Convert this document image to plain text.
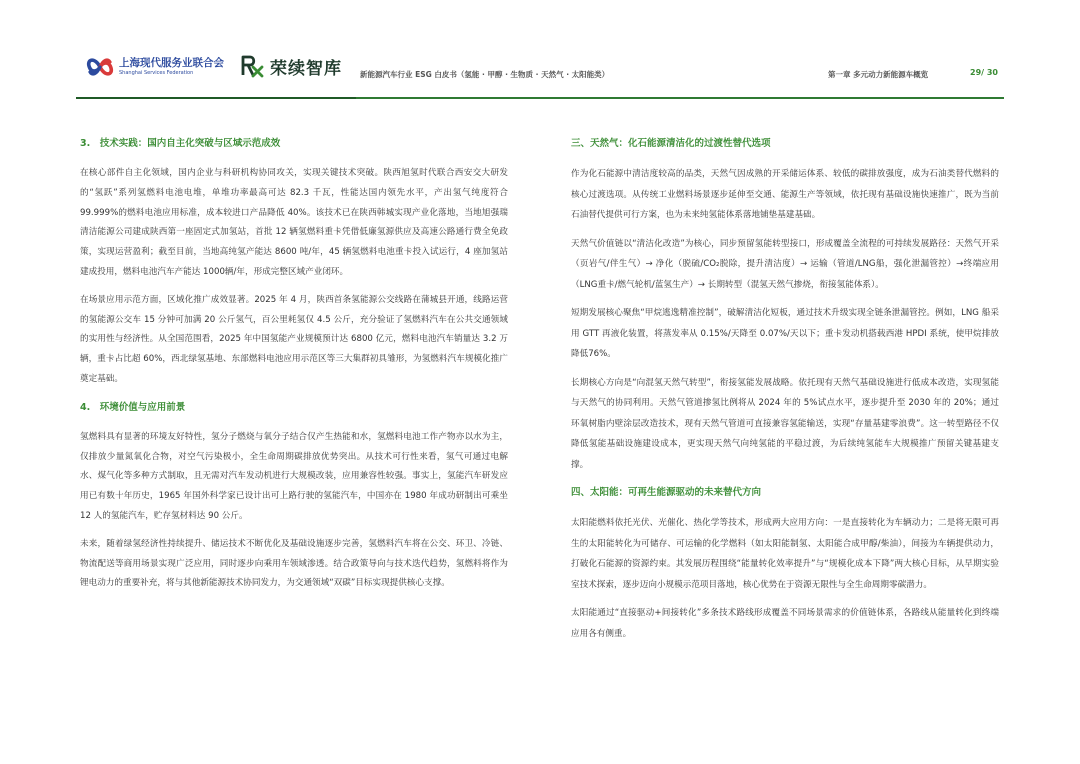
上海现代服务业联合会
Shanghai Services Federation	荣续智库 新能源汽车行业 ESG 白皮书（氢能 · 甲醇 · 生物质 · 天然气 · 太阳能类）	第一章 多元动力新能源车概览	29/ 30
3.　技术实践：国内自主化突破与区域示范成效

在核心部件自主化领域，国内企业与科研机构协同攻关，实现关键技术突破。陕西旭氢时代联合西安交大研发的“氢跃”系列氢燃料电池电堆，单堆功率最高可达 82.3 千瓦，性能达国内领先水平，产出氢气纯度符合 99.999%的燃料电池应用标准，成本较进口产品降低 40%。该技术已在陕西韩城实现产业化落地，当地旭强瑞清洁能源公司建成陕西第一座固定式加氢站，首批 12 辆氢燃料重卡凭借低廉氢源供应及高速公路通行费全免政策，实现运营盈利；截至目前，当地高纯氢产能达 8600 吨/年，45 辆氢燃料电池重卡投入试运行，4 座加氢站建成投用，燃料电池汽车产能达 1000辆/年，形成完整区域产业闭环。

在场景应用示范方面，区域化推广成效显著。2025 年 4 月，陕西首条氢能源公交线路在蒲城县开通，线路运营的氢能源公交车 15 分钟可加满 20 公斤氢气，百公里耗氢仅 4.5 公斤，充分验证了氢燃料汽车在公共交通领域的实用性与经济性。从全国范围看，2025 年中国氢能产业规模预计达 6800 亿元，燃料电池汽车销量达 3.2 万辆，重卡占比超 60%，西北绿氢基地、东部燃料电池应用示范区等三大集群初具雏形，为氢燃料汽车规模化推广奠定基础。

4.　环境价值与应用前景

氢燃料具有显著的环境友好特性，氢分子燃烧与氧分子结合仅产生热能和水，氢燃料电池工作产物亦以水为主，仅排放少量氮氧化合物，对空气污染极小，全生命周期碳排放优势突出。从技术可行性来看，氢气可通过电解水、煤气化等多种方式制取，且无需对汽车发动机进行大规模改装，应用兼容性较强。事实上，氢能汽车研发应用已有数十年历史，1965 年国外科学家已设计出可上路行驶的氢能汽车，中国亦在 1980 年成功研制出可乘坐 12 人的氢能汽车，贮存氢材料达 90 公斤。

未来，随着绿氢经济性持续提升、储运技术不断优化及基础设施逐步完善，氢燃料汽车将在公交、环卫、冷链、物流配送等商用场景实现广泛应用，同时逐步向乘用车领域渗透。结合政策导向与技术迭代趋势，氢燃料将作为锂电动力的重要补充，将与其他新能源技术协同发力，为交通领域“双碳”目标实现提供核心支撑。

三、天然气：化石能源清洁化的过渡性替代选项

作为化石能源中清洁度较高的品类，天然气因成熟的开采储运体系、较低的碳排放强度，成为石油类替代燃料的核心过渡选项。从传统工业燃料场景逐步延伸至交通、能源生产等领域，依托现有基础设施快速推广，既为当前石油替代提供可行方案，也为未来纯氢能体系落地铺垫基建基础。

天然气价值链以“清洁化改造”为核心，同步预留氢能转型接口，形成覆盖全流程的可持续发展路径：天然气开采（页岩气/伴生气）→ 净化（脱硫/CO₂脱除，提升清洁度）→ 运输（管道/LNG船，强化泄漏管控）→终端应用（LNG重卡/燃气轮机/蓝氢生产）→ 长期转型（混氢天然气掺烧，衔接氢能体系）。

短期发展核心聚焦“甲烷逃逸精准控制”，破解清洁化短板，通过技术升级实现全链条泄漏管控。例如，LNG 船采用 GTT 再液化装置，将蒸发率从 0.15%/天降至 0.07%/天以下；重卡发动机搭载西港 HPDI 系统，使甲烷排放降低76%。

长期核心方向是“向混氢天然气转型”，衔接氢能发展战略。依托现有天然气基础设施进行低成本改造，实现氢能与天然气的协同利用。天然气管道掺氢比例将从 2024 年的 5%试点水平，逐步提升至 2030 年的 20%；通过环氧树脂内壁涂层改造技术，现有天然气管道可直接兼容氢能输送，实现“存量基建零浪费”。这一转型路径不仅降低氢能基础设施建设成本，更实现天然气向纯氢能的平稳过渡，为后续纯氢能车大规模推广预留关键基建支撑。

四、太阳能：可再生能源驱动的未来替代方向

太阳能燃料依托光伏、光催化、热化学等技术，形成两大应用方向：一是直接转化为车辆动力；二是将无限可再生的太阳能转化为可储存、可运输的化学燃料（如太阳能制氢、太阳能合成甲醇/柴油），间接为车辆提供动力，打破化石能源的资源约束。其发展历程围绕“能量转化效率提升”与“规模化成本下降”两大核心目标，从早期实验室技术探索，逐步迈向小规模示范项目落地，核心优势在于资源无限性与全生命周期零碳潜力。

太阳能通过“直接驱动+间接转化”多条技术路线形成覆盖不同场景需求的价值链体系，各路线从能量转化到终端应用各有侧重。
